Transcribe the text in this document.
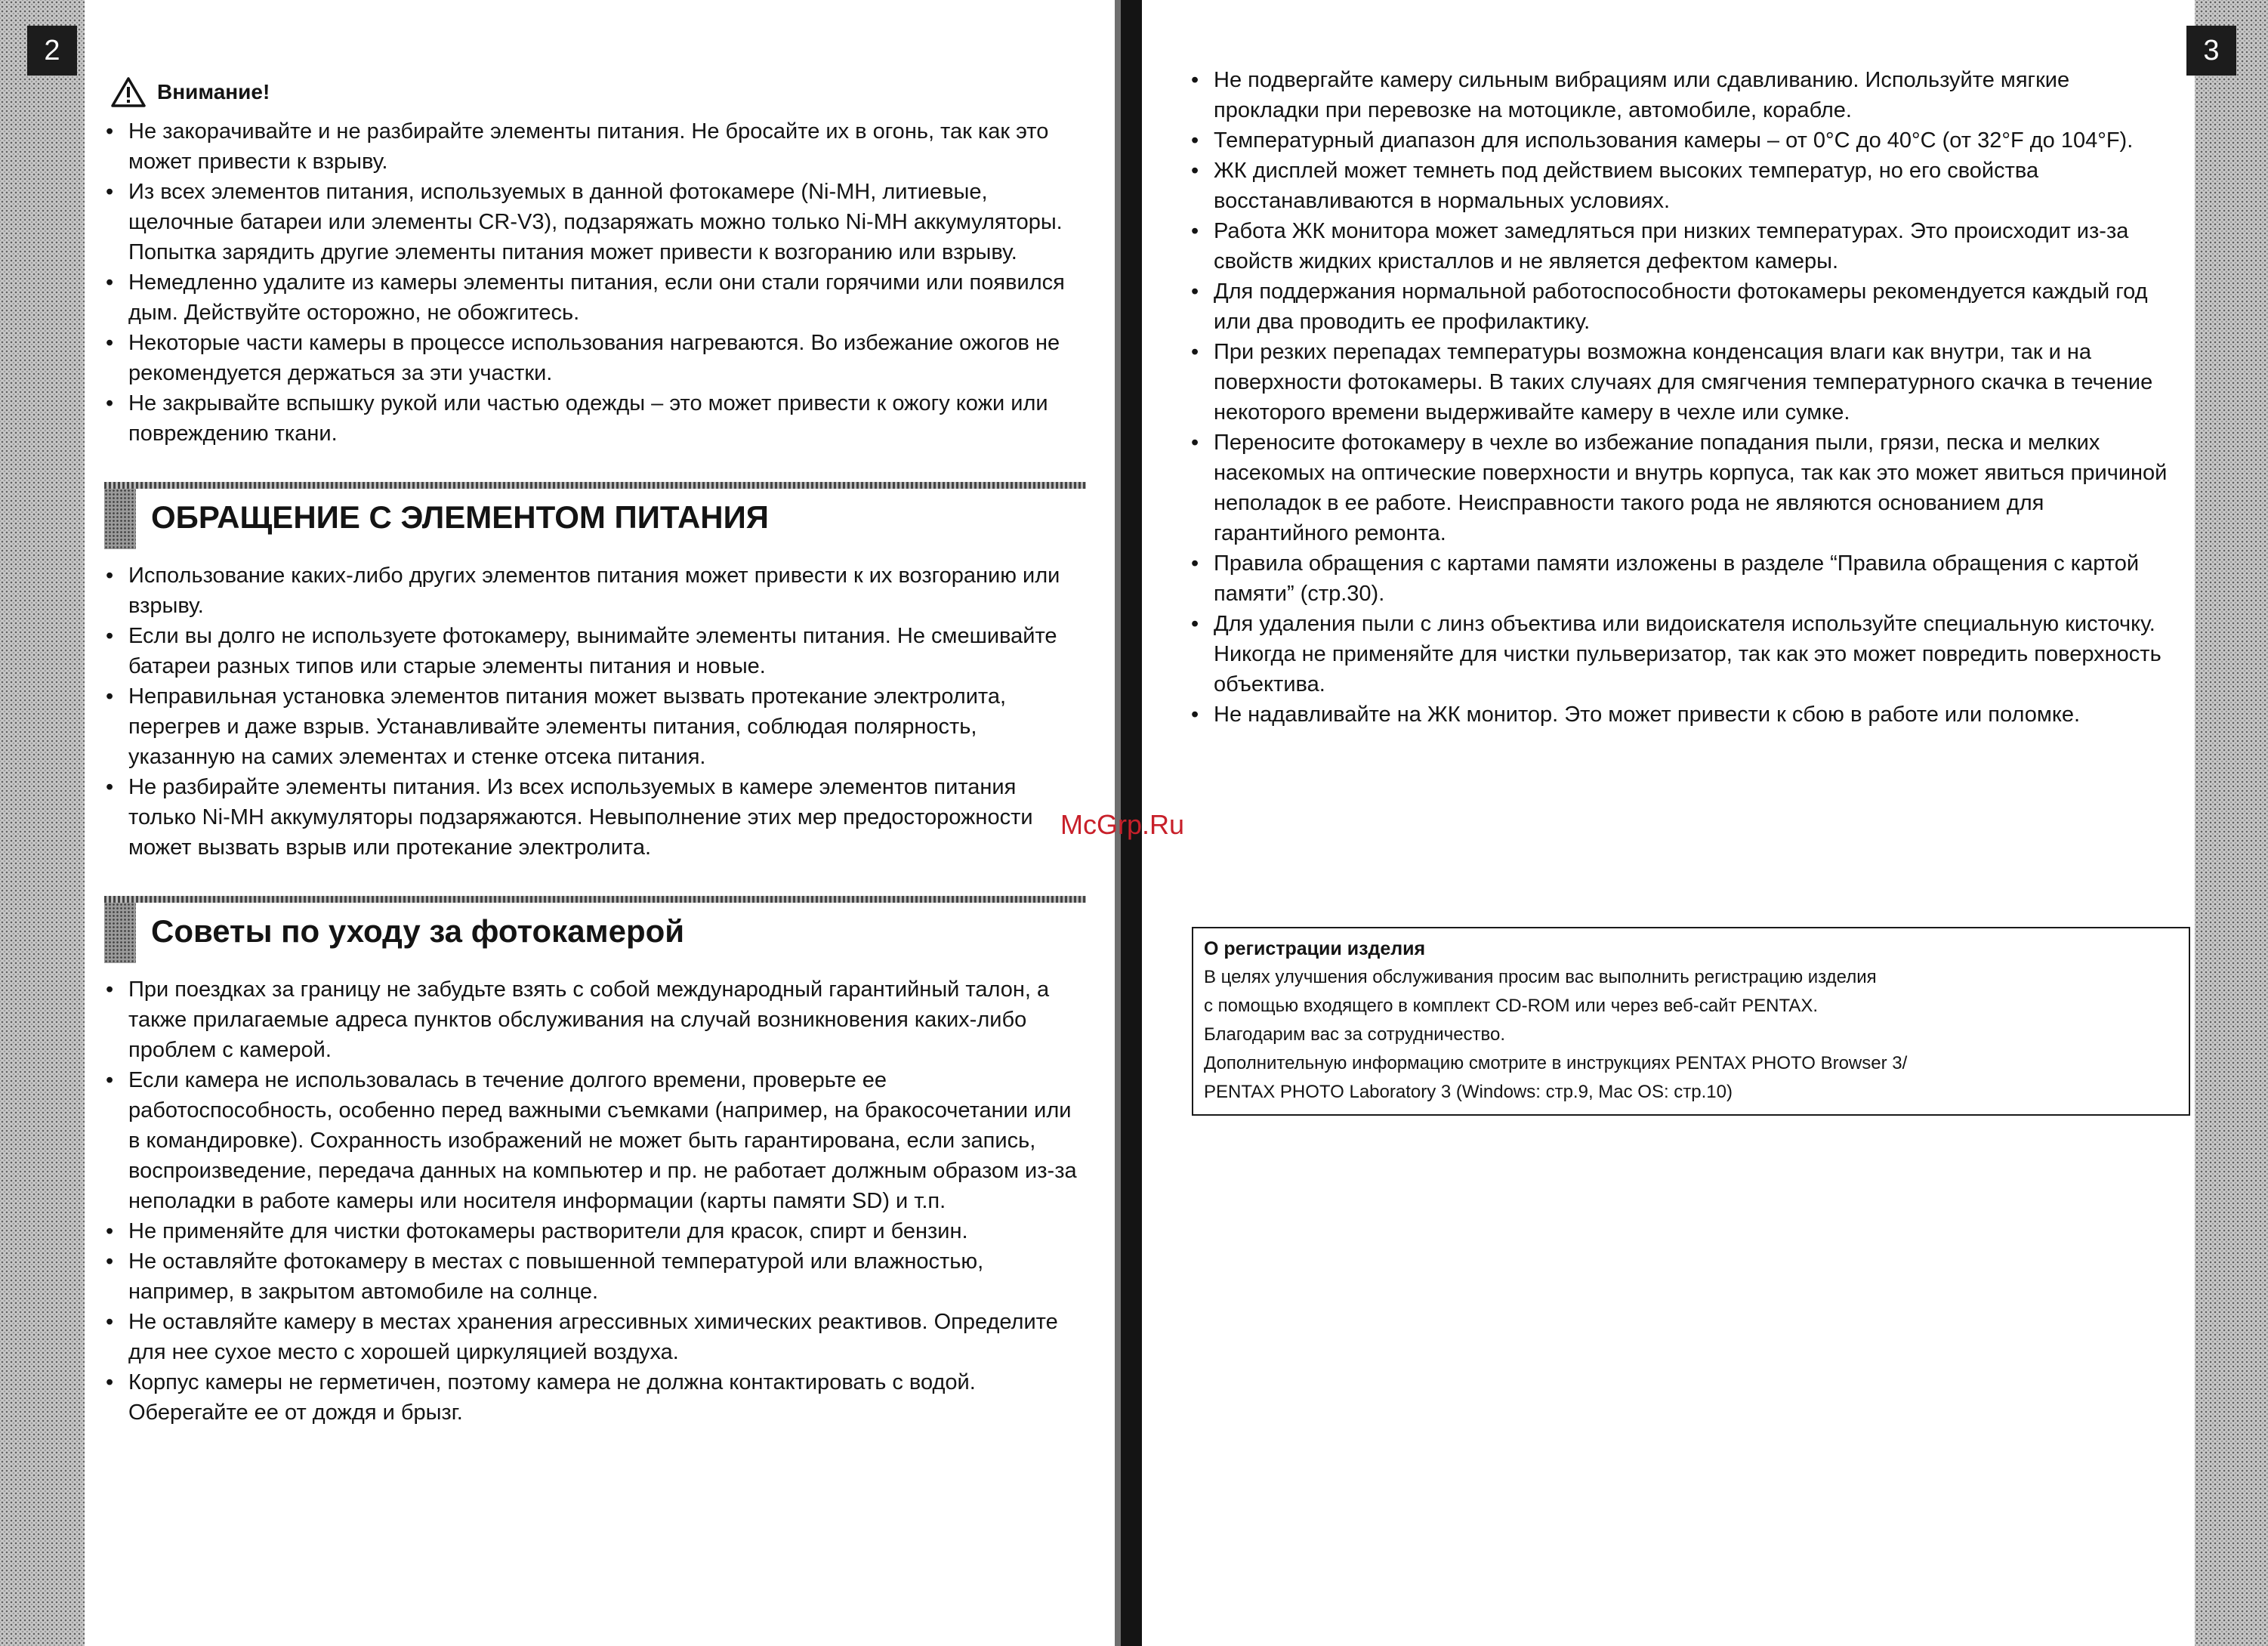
2	3
Внимание!
• Не закорачивайте и не разбирайте элементы питания. Не бросайте их в огонь, так как это может привести к взрыву.
• Из всех элементов питания, используемых в данной фотокамере (Ni-MH, литиевые, щелочные батареи или элементы CR-V3), подзаряжать можно только Ni-MH аккумуляторы. Попытка зарядить другие элементы питания может привести к возгоранию или взрыву.
• Немедленно удалите из камеры элементы питания, если они стали горячими или появился дым. Действуйте осторожно, не обожгитесь.
• Некоторые части камеры в процессе использования нагреваются. Во избежание ожогов не рекомендуется держаться за эти участки.
• Не закрывайте вспышку рукой или частью одежды – это может привести к ожогу кожи или повреждению ткани.
ОБРАЩЕНИЕ С ЭЛЕМЕНТОМ ПИТАНИЯ
• Использование каких-либо других элементов питания может привести к их возгоранию или взрыву.
• Если вы долго не используете фотокамеру, вынимайте элементы питания. Не смешивайте батареи разных типов или старые элементы питания и новые.
• Неправильная установка элементов питания может вызвать протекание электролита, перегрев и даже взрыв. Устанавливайте элементы питания, соблюдая полярность, указанную на самих элементах и стенке отсека питания.
• Не разбирайте элементы питания. Из всех используемых в камере элементов питания только Ni-MH аккумуляторы подзаряжаются. Невыполнение этих мер предосторожности может вызвать взрыв или протекание электролита.
Советы по уходу за фотокамерой
• При поездках за границу не забудьте взять с собой международный гарантийный талон, а также прилагаемые адреса пунктов обслуживания на случай возникновения каких-либо проблем с камерой.
• Если камера не использовалась в течение долгого времени, проверьте ее работоспособность, особенно перед важными съемками (например, на бракосочетании или в командировке). Сохранность изображений не может быть гарантирована, если запись, воспроизведение, передача данных на компьютер и пр. не работает должным образом из-за неполадки в работе камеры или носителя информации (карты памяти SD) и т.п.
• Не применяйте для чистки фотокамеры растворители для красок, спирт и бензин.
• Не оставляйте фотокамеру в местах с повышенной температурой или влажностью, например, в закрытом автомобиле на солнце.
• Не оставляйте камеру в местах хранения агрессивных химических реактивов. Определите для нее сухое место с хорошей циркуляцией воздуха.
• Корпус камеры не герметичен, поэтому камера не должна контактировать с водой. Оберегайте ее от дождя и брызг.
• Не подвергайте камеру сильным вибрациям или сдавливанию. Используйте мягкие прокладки при перевозке на мотоцикле, автомобиле, корабле.
• Температурный диапазон для использования камеры – от 0°C до 40°C (от 32°F до 104°F).
• ЖК дисплей может темнеть под действием высоких температур, но его свойства восстанавливаются в нормальных условиях.
• Работа ЖК монитора может замедляться при низких температурах. Это происходит из-за свойств жидких кристаллов и не является дефектом камеры.
• Для поддержания нормальной работоспособности фотокамеры рекомендуется каждый год или два проводить ее профилактику.
• При резких перепадах температуры возможна конденсация влаги как внутри, так и на поверхности фотокамеры. В таких случаях для смягчения температурного скачка в течение некоторого времени выдерживайте камеру в чехле или сумке.
• Переносите фотокамеру в чехле во избежание попадания пыли, грязи, песка и мелких насекомых на оптические поверхности и внутрь корпуса, так как это может явиться причиной неполадок в ее работе. Неисправности такого рода не являются основанием для гарантийного ремонта.
• Правила обращения с картами памяти изложены в разделе “Правила обращения с картой памяти” (стр.30).
• Для удаления пыли с линз объектива или видоискателя используйте специальную кисточку. Никогда не применяйте для чистки пульверизатор, так как это может повредить поверхность объектива.
• Не надавливайте на ЖК монитор. Это может привести к сбою в работе или поломке.
О регистрации изделия
В целях улучшения обслуживания просим вас выполнить регистрацию изделия
с помощью входящего в комплект CD-ROM или через веб-сайт PENTAX.
Благодарим вас за сотрудничество.
Дополнительную информацию смотрите в инструкциях PENTAX PHOTO Browser 3/
PENTAX PHOTO Laboratory 3 (Windows: стр.9, Mac OS: стр.10)
McGrp.Ru
